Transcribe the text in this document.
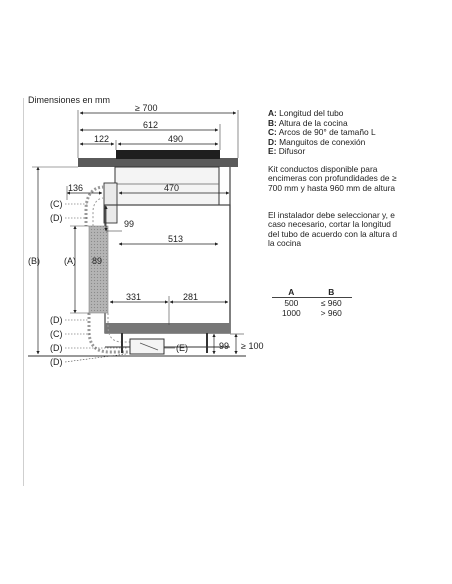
Dimensiones en mm
≥ 700
612
122	490
136	470
99
513
89
331	281
≥ 100
99
(B)	(A)
(C)
(D)
(D)
(C)
(D)	(E)
(D)
A: Longitud del tubo
B: Altura de la cocina
C: Arcos de 90° de tamaño L
D: Manguitos de conexión
E: Difusor
Kit conductos disponible para
encimeras con profundidades de ≥
700 mm y hasta 960 mm de altura
El instalador debe seleccionar y, e
caso necesario, cortar la longitud
del tubo de acuerdo con la altura d
la cocina
A	B
500	≤ 960
1000	> 960
